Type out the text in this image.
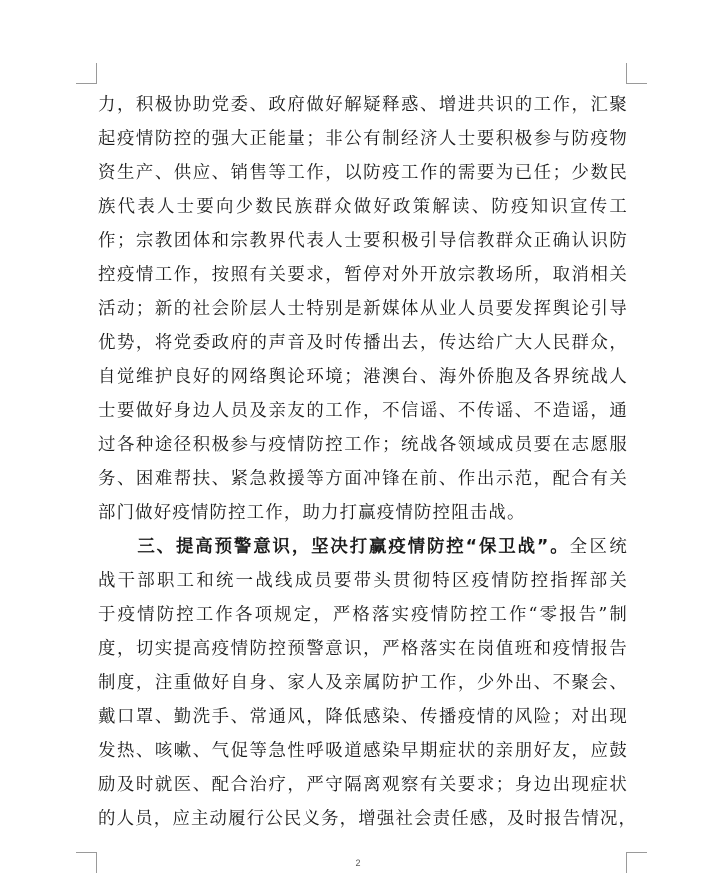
力，积极协助党委、政府做好解疑释惑、增进共识的工作，汇聚
起疫情防控的强大正能量；非公有制经济人士要积极参与防疫物
资生产、供应、销售等工作，以防疫工作的需要为已任；少数民
族代表人士要向少数民族群众做好政策解读、防疫知识宣传工
作；宗教团体和宗教界代表人士要积极引导信教群众正确认识防
控疫情工作，按照有关要求，暂停对外开放宗教场所，取消相关
活动；新的社会阶层人士特别是新媒体从业人员要发挥舆论引导
优势，将党委政府的声音及时传播出去，传达给广大人民群众，
自觉维护良好的网络舆论环境；港澳台、海外侨胞及各界统战人
士要做好身边人员及亲友的工作，不信谣、不传谣、不造谣，通
过各种途径积极参与疫情防控工作；统战各领域成员要在志愿服
务、困难帮扶、紧急救援等方面冲锋在前、作出示范，配合有关
部门做好疫情防控工作，助力打赢疫情防控阻击战。
三、提高预警意识，坚决打赢疫情防控“保卫战”。全区统
战干部职工和统一战线成员要带头贯彻特区疫情防控指挥部关
于疫情防控工作各项规定，严格落实疫情防控工作“零报告”制
度，切实提高疫情防控预警意识，严格落实在岗值班和疫情报告
制度，注重做好自身、家人及亲属防护工作，少外出、不聚会、
戴口罩、勤洗手、常通风，降低感染、传播疫情的风险；对出现
发热、咳嗽、气促等急性呼吸道感染早期症状的亲朋好友，应鼓
励及时就医、配合治疗，严守隔离观察有关要求；身边出现症状
的人员，应主动履行公民义务，增强社会责任感，及时报告情况，
2
